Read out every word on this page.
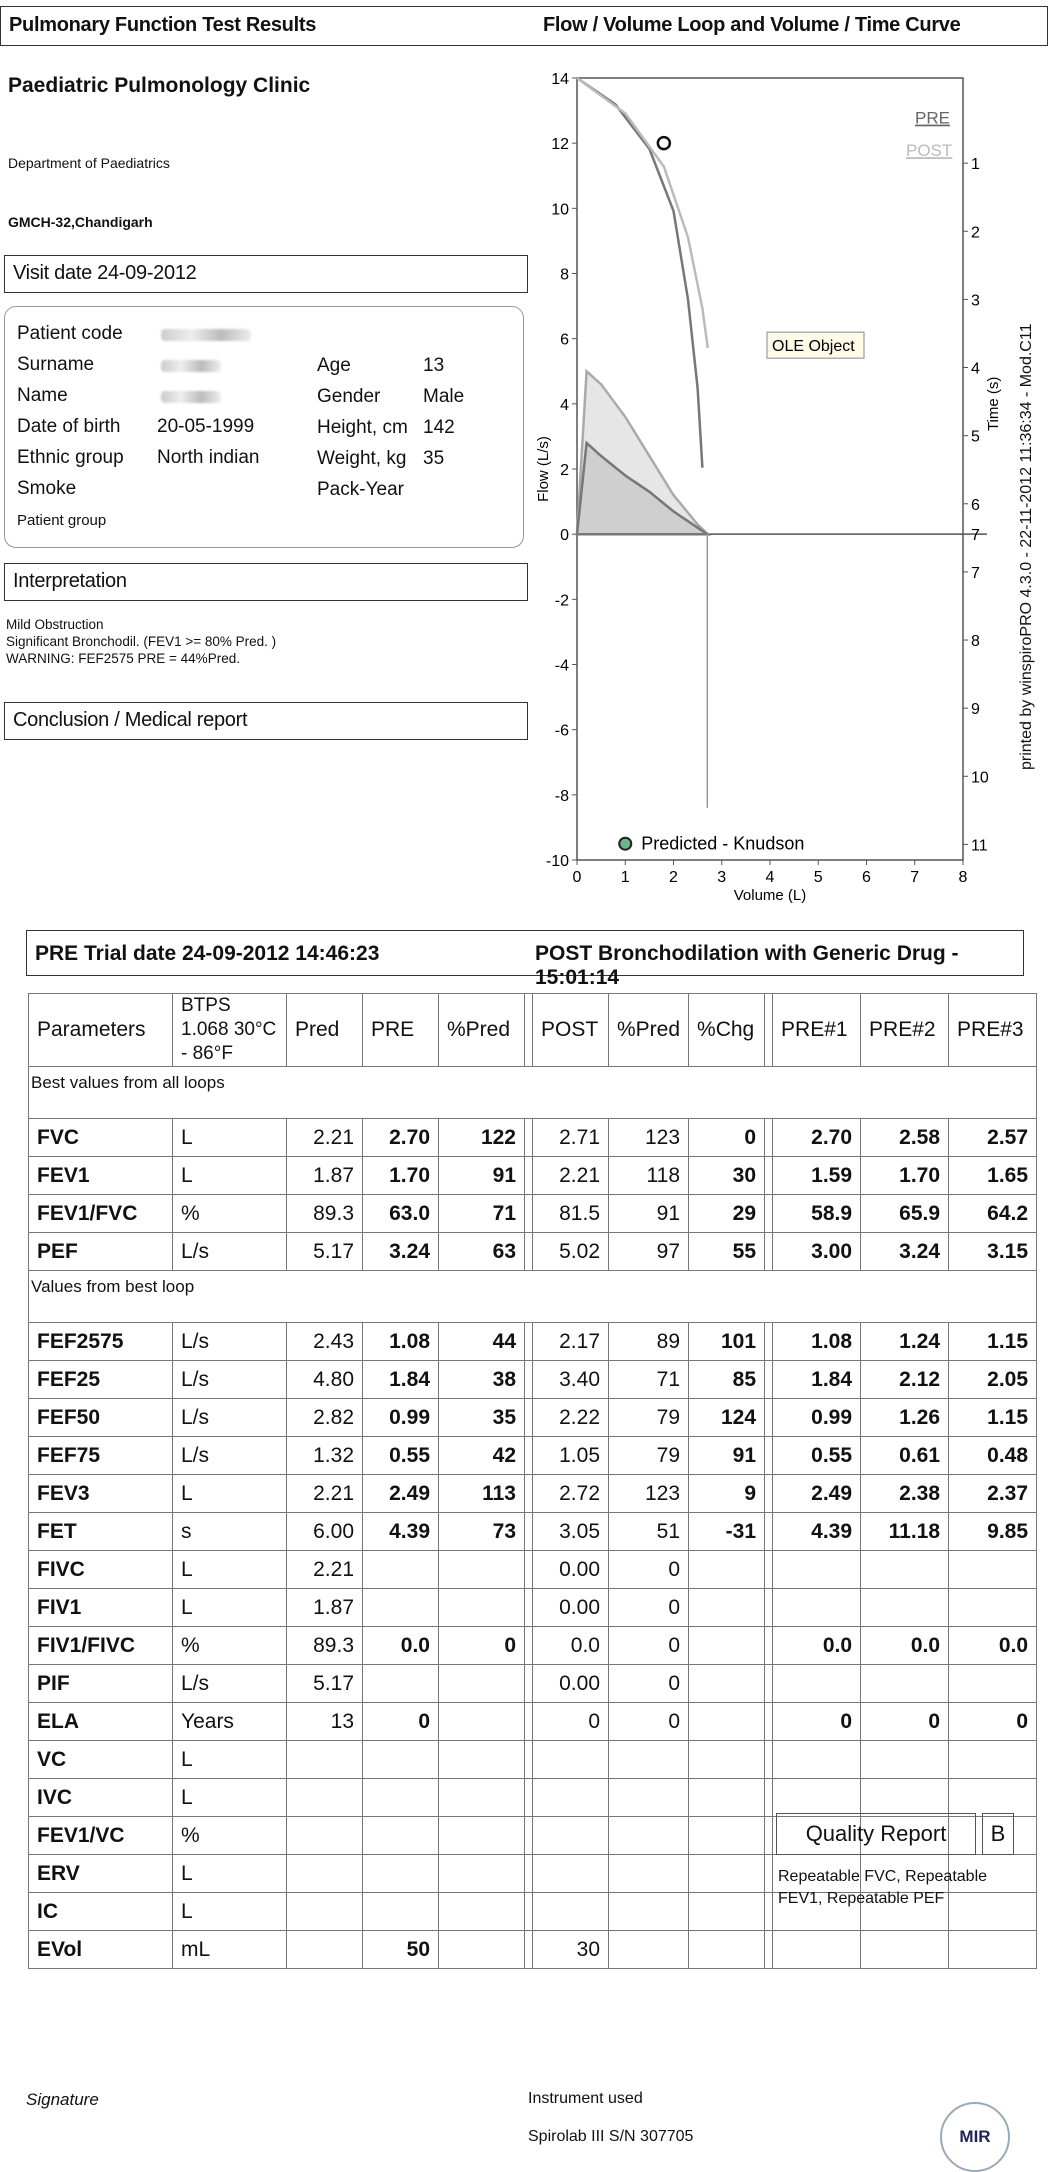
Pulmonary Function Test Results	Flow / Volume Loop and Volume / Time Curve
Paediatric Pulmonology Clinic
Department of Paediatrics
GMCH-32,Chandigarh
Visit date 24-09-2012
Patient code
Surname
Name
Date of birth 20-05-1999
Ethnic group North indian
Smoke
Patient group
Age	13
Gender Male
Height, cm 142
Weight, kg 35
Pack-Year
Interpretation
Mild Obstruction
Significant Bronchodil. (FEV1 >= 80% Pred. )
WARNING: FEF2575 PRE = 44%Pred.
Conclusion / Medical report
14
12
10
8
6
4
2
0
-2
-4
-6
-8
-10
0 1 2 3 4 5 6 7 8
1
2
3
4
5
6
7
8
9
10
11
7
Volume (L)
Flow (L/s)
Time (s)
PRE
POST
OLE Object
Predicted - Knudson
printed by winspiroPRO 4.3.0 - 22-11-2012 11:36:34 - Mod.C11
PRE Trial date 24-09-2012 14:46:23	POST Bronchodilation with Generic Drug - 15:01:14
Parameters	BTPS 1.068 30°C - 86°F	Pred	PRE	%Pred		POST	%Pred	%Chg		PRE#1	PRE#2	PRE#3
Best values from all loops												
FVC	L	2.21	2.70	122		2.71	123	0		2.70	2.58	2.57
FEV1	L	1.87	1.70	91		2.21	118	30		1.59	1.70	1.65
FEV1/FVC	%	89.3	63.0	71		81.5	91	29		58.9	65.9	64.2
PEF	L/s	5.17	3.24	63		5.02	97	55		3.00	3.24	3.15
Values from best loop												
FEF2575	L/s	2.43	1.08	44		2.17	89	101		1.08	1.24	1.15
FEF25	L/s	4.80	1.84	38		3.40	71	85		1.84	2.12	2.05
FEF50	L/s	2.82	0.99	35		2.22	79	124		0.99	1.26	1.15
FEF75	L/s	1.32	0.55	42		1.05	79	91		0.55	0.61	0.48
FEV3	L	2.21	2.49	113		2.72	123	9		2.49	2.38	2.37
FET	s	6.00	4.39	73		3.05	51	-31		4.39	11.18	9.85
FIVC	L	2.21				0.00	0					
FIV1	L	1.87				0.00	0					
FIV1/FIVC	%	89.3	0.0	0		0.0	0			0.0	0.0	0.0
PIF	L/s	5.17				0.00	0					
ELA	Years	13	0			0	0			0	0	0
VC	L											
IVC	L											
FEV1/VC	%											
ERV	L											
IC	L											
EVol	mL		50			30						
Quality Report	B
Repeatable FVC, Repeatable FEV1, Repeatable PEF
Signature	Instrument used
Spirolab III S/N 307705	MIR
